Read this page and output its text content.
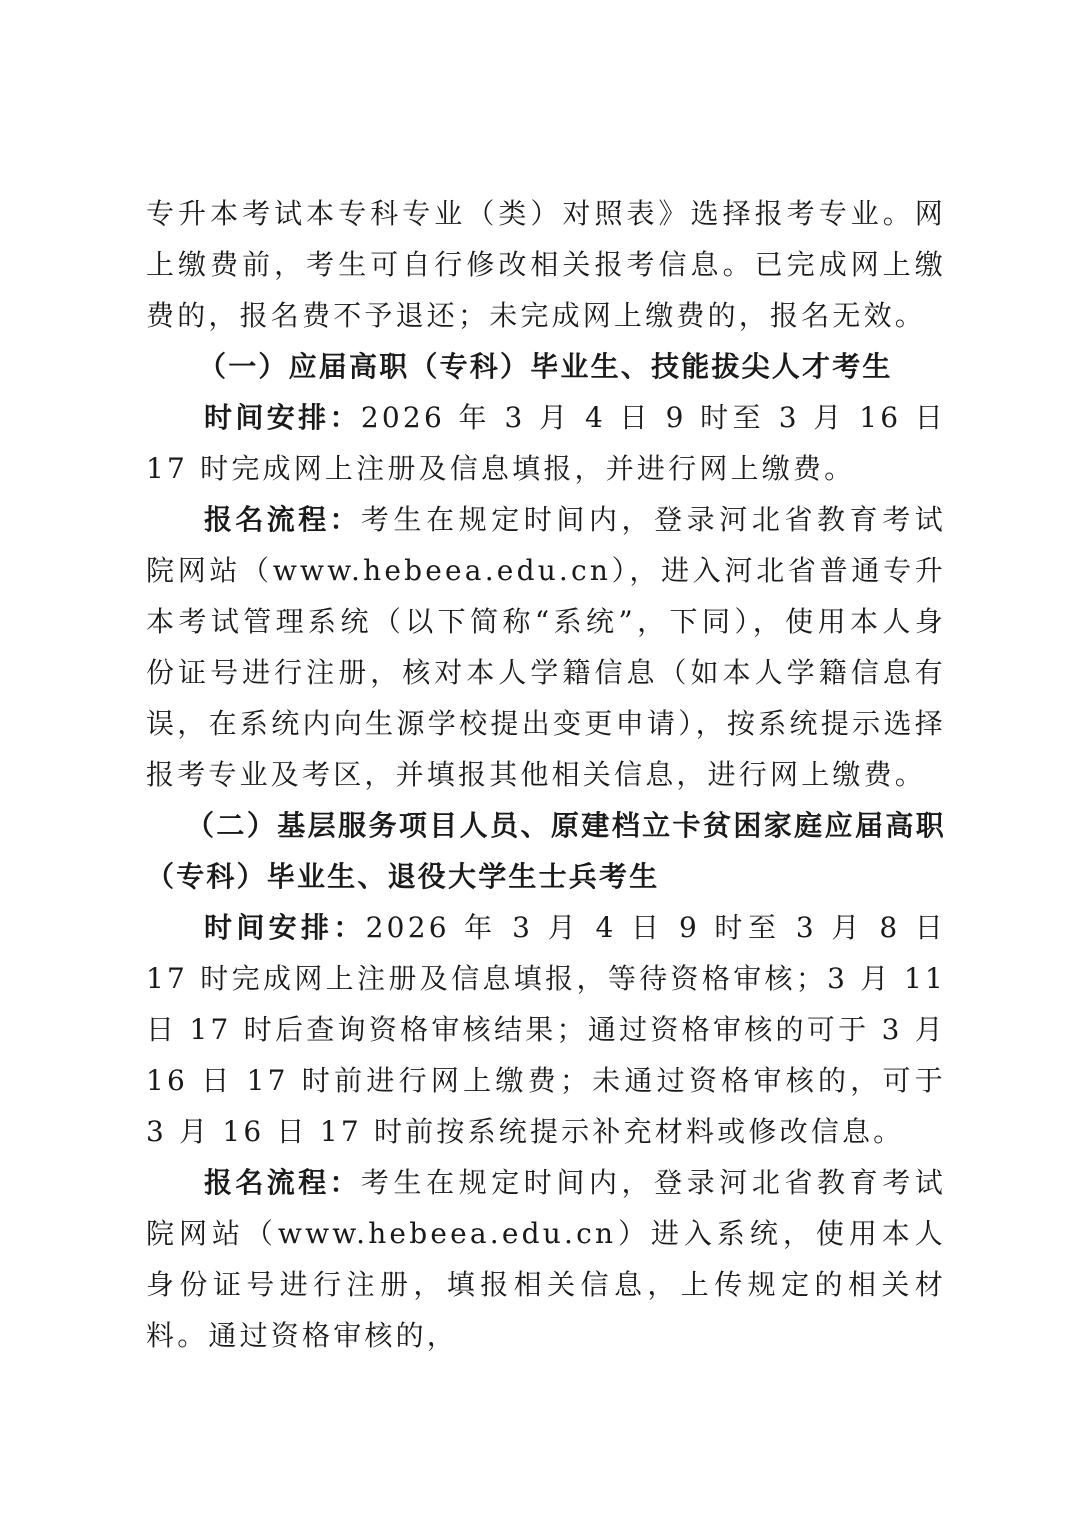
专升本考试本专科专业（类）对照表》选择报考专业。网上缴费前，考生可自行修改相关报考信息。已完成网上缴费的，报名费不予退还；未完成网上缴费的，报名无效。

（一）应届高职（专科）毕业生、技能拔尖人才考生

时间安排：2026 年 3 月 4 日 9 时至 3 月 16 日 17 时完成网上注册及信息填报，并进行网上缴费。

报名流程：考生在规定时间内，登录河北省教育考试院网站（www.hebeea.edu.cn），进入河北省普通专升本考试管理系统（以下简称“系统”，下同），使用本人身份证号进行注册，核对本人学籍信息（如本人学籍信息有误，在系统内向生源学校提出变更申请），按系统提示选择报考专业及考区，并填报其他相关信息，进行网上缴费。

（二）基层服务项目人员、原建档立卡贫困家庭应届高职（专科）毕业生、退役大学生士兵考生

时间安排：2026 年 3 月 4 日 9 时至 3 月 8 日 17 时完成网上注册及信息填报，等待资格审核；3 月 11 日 17 时后查询资格审核结果；通过资格审核的可于 3 月 16 日 17 时前进行网上缴费；未通过资格审核的，可于 3 月 16 日 17 时前按系统提示补充材料或修改信息。

报名流程：考生在规定时间内，登录河北省教育考试院网站（www.hebeea.edu.cn）进入系统，使用本人身份证号进行注册，填报相关信息，上传规定的相关材料。通过资格审核的，
